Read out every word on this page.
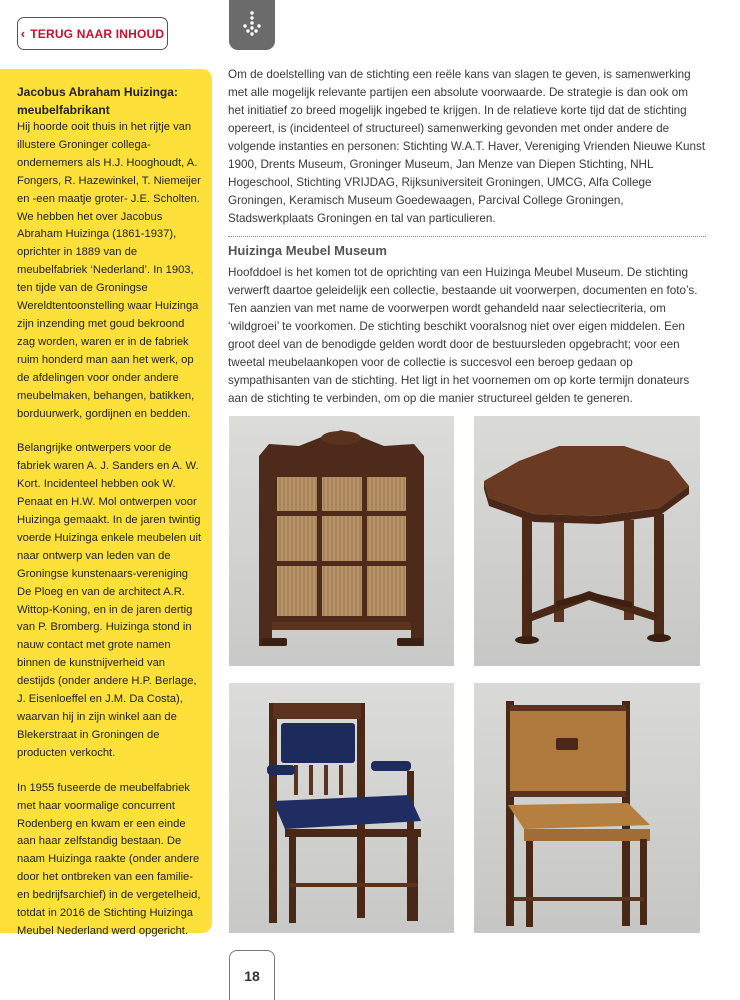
‹ TERUG NAAR INHOUD
Jacobus Abraham Huizinga: meubelfabrikant

Hij hoorde ooit thuis in het rijtje van illustere Groninger collega-ondernemers als H.J. Hooghoudt, A. Fongers, R. Hazewinkel, T. Niemeijer en -een maatje groter- J.E. Scholten. We hebben het over Jacobus Abraham Huizinga (1861-1937), oprichter in 1889 van de meubelfabriek ‘Nederland’. In 1903, ten tijde van de Groningse Wereldtentoonstelling waar Huizinga zijn inzending met goud bekroond zag worden, waren er in de fabriek ruim honderd man aan het werk, op de afdelingen voor onder andere meubelmaken, behangen, batikken, borduurwerk, gordijnen en bedden.

Belangrijke ontwerpers voor de fabriek waren A. J. Sanders en A. W. Kort. Incidenteel hebben ook W. Penaat en H.W. Mol ontwerpen voor Huizinga gemaakt. In de jaren twintig voerde Huizinga enkele meubelen uit naar ontwerp van leden van de Groningse kunstenaars-vereniging De Ploeg en van de architect A.R. Wittop-Koning, en in de jaren dertig van P. Bromberg. Huizinga stond in nauw contact met grote namen binnen de kunstnijverheid van destijds (onder andere H.P. Berlage, J. Eisenloeffel en J.M. Da Costa), waarvan hij in zijn winkel aan de Blekerstraat in Groningen de producten verkocht.

In 1955 fuseerde de meubelfabriek met haar voormalige concurrent Rodenberg en kwam er een einde aan haar zelfstandig bestaan. De naam Huizinga raakte (onder andere door het ontbreken van een familie- en bedrijfsarchief) in de vergetelheid, totdat in 2016 de Stichting Huizinga Meubel Nederland werd opgericht.

Om de doelstelling van de stichting een reële kans van slagen te geven, is samenwerking met alle mogelijk relevante partijen een absolute voorwaarde. De strategie is dan ook om het initiatief zo breed mogelijk ingebed te krijgen. In de relatieve korte tijd dat de stichting opereert, is (incidenteel of structureel) samenwerking gevonden met onder andere de volgende instanties en personen: Stichting W.A.T. Haver, Vereniging Vrienden Nieuwe Kunst 1900, Drents Museum, Groninger Museum, Jan Menze van Diepen Stichting, NHL Hogeschool, Stichting VRIJDAG, Rijksuniversiteit Groningen, UMCG, Alfa College Groningen, Keramisch Museum Goedewaagen, Parcival College Groningen, Stadswerkplaats Groningen en tal van particulieren.

Huizinga Meubel Museum

Hoofddoel is het komen tot de oprichting van een Huizinga Meubel Museum. De stichting verwerft daartoe geleidelijk een collectie, bestaande uit voorwerpen, documenten en foto’s. Ten aanzien van met name de voorwerpen wordt gehandeld naar selectiecriteria, om ‘wildgroei’ te voorkomen. De stichting beschikt vooralsnog niet over eigen middelen. Een groot deel van de benodigde gelden wordt door de bestuursleden opgebracht; voor een tweetal meubelaankopen voor de collectie is succesvol een beroep gedaan op sympathisanten van de stichting. Het ligt in het voornemen om op korte termijn donateurs aan de stichting te verbinden, om op die manier structureel gelden te generen.

18
